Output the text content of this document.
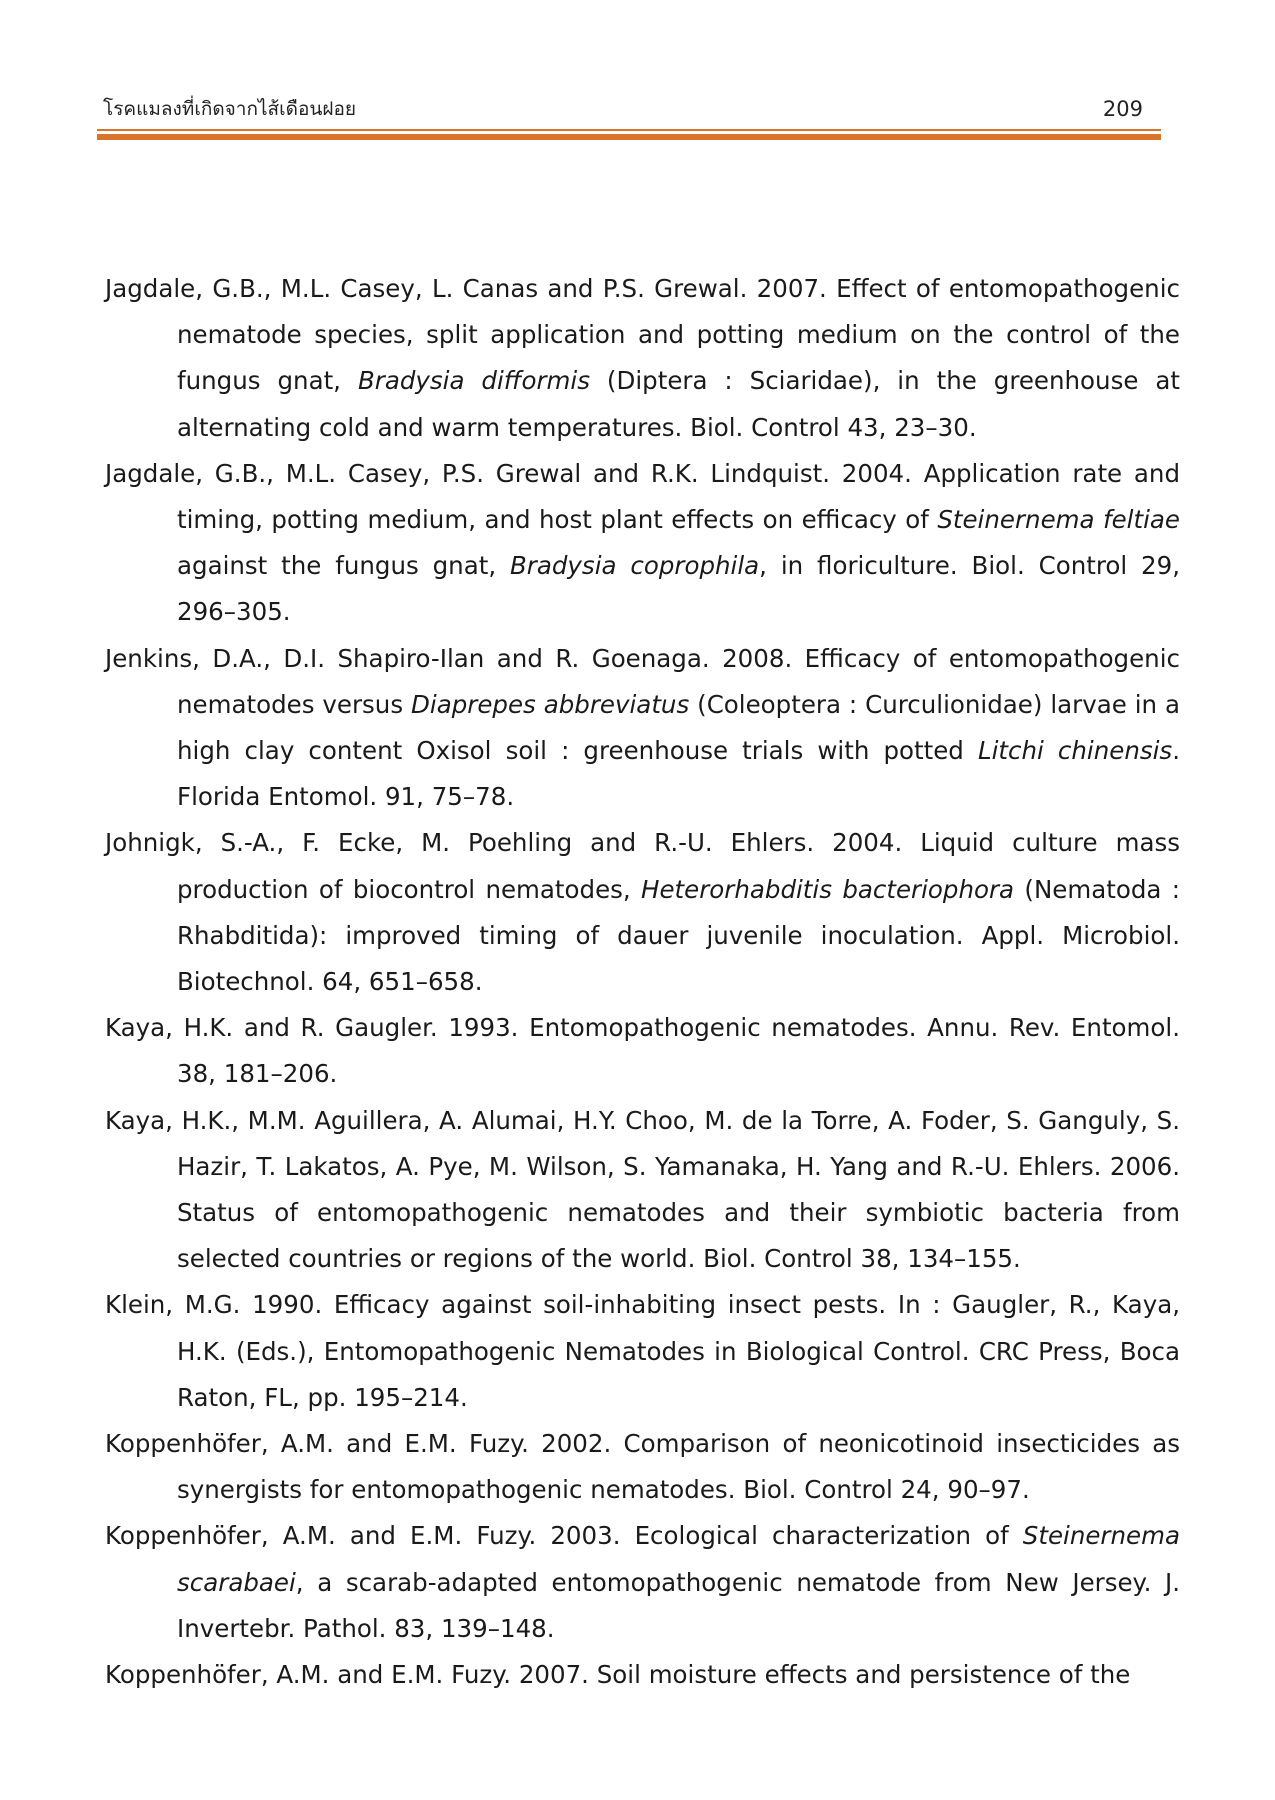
โรคแมลงที่เกิดจากไส้เดือนฝอย	209
Jagdale, G.B., M.L. Casey, L. Canas and P.S. Grewal. 2007. Effect of entomopathogenic nematode species, split application and potting medium on the control of the fungus gnat, Bradysia difformis (Diptera : Sciaridae), in the greenhouse at alternating cold and warm temperatures. Biol. Control 43, 23–30.
Jagdale, G.B., M.L. Casey, P.S. Grewal and R.K. Lindquist. 2004. Application rate and timing, potting medium, and host plant effects on efficacy of Steinernema feltiae against the fungus gnat, Bradysia coprophila, in floriculture. Biol. Control 29, 296–305.
Jenkins, D.A., D.I. Shapiro-Ilan and R. Goenaga. 2008. Efficacy of entomopathogenic nematodes versus Diaprepes abbreviatus (Coleoptera : Curculionidae) larvae in a high clay content Oxisol soil : greenhouse trials with potted Litchi chinensis. Florida Entomol. 91, 75–78.
Johnigk, S.-A., F. Ecke, M. Poehling and R.-U. Ehlers. 2004. Liquid culture mass production of biocontrol nematodes, Heterorhabditis bacteriophora (Nematoda : Rhabditida): improved timing of dauer juvenile inoculation. Appl. Microbiol. Biotechnol. 64, 651–658.
Kaya, H.K. and R. Gaugler. 1993. Entomopathogenic nematodes. Annu. Rev. Entomol. 38, 181–206.
Kaya, H.K., M.M. Aguillera, A. Alumai, H.Y. Choo, M. de la Torre, A. Foder, S. Ganguly, S. Hazir, T. Lakatos, A. Pye, M. Wilson, S. Yamanaka, H. Yang and R.-U. Ehlers. 2006. Status of entomopathogenic nematodes and their symbiotic bacteria from selected countries or regions of the world. Biol. Control 38, 134–155.
Klein, M.G. 1990. Efficacy against soil-inhabiting insect pests. In : Gaugler, R., Kaya, H.K. (Eds.), Entomopathogenic Nematodes in Biological Control. CRC Press, Boca Raton, FL, pp. 195–214.
Koppenhöfer, A.M. and E.M. Fuzy. 2002. Comparison of neonicotinoid insecticides as synergists for entomopathogenic nematodes. Biol. Control 24, 90–97.
Koppenhöfer, A.M. and E.M. Fuzy. 2003. Ecological characterization of Steinernema scarabaei, a scarab-adapted entomopathogenic nematode from New Jersey. J. Invertebr. Pathol. 83, 139–148.
Koppenhöfer, A.M. and E.M. Fuzy. 2007. Soil moisture effects and persistence of the
